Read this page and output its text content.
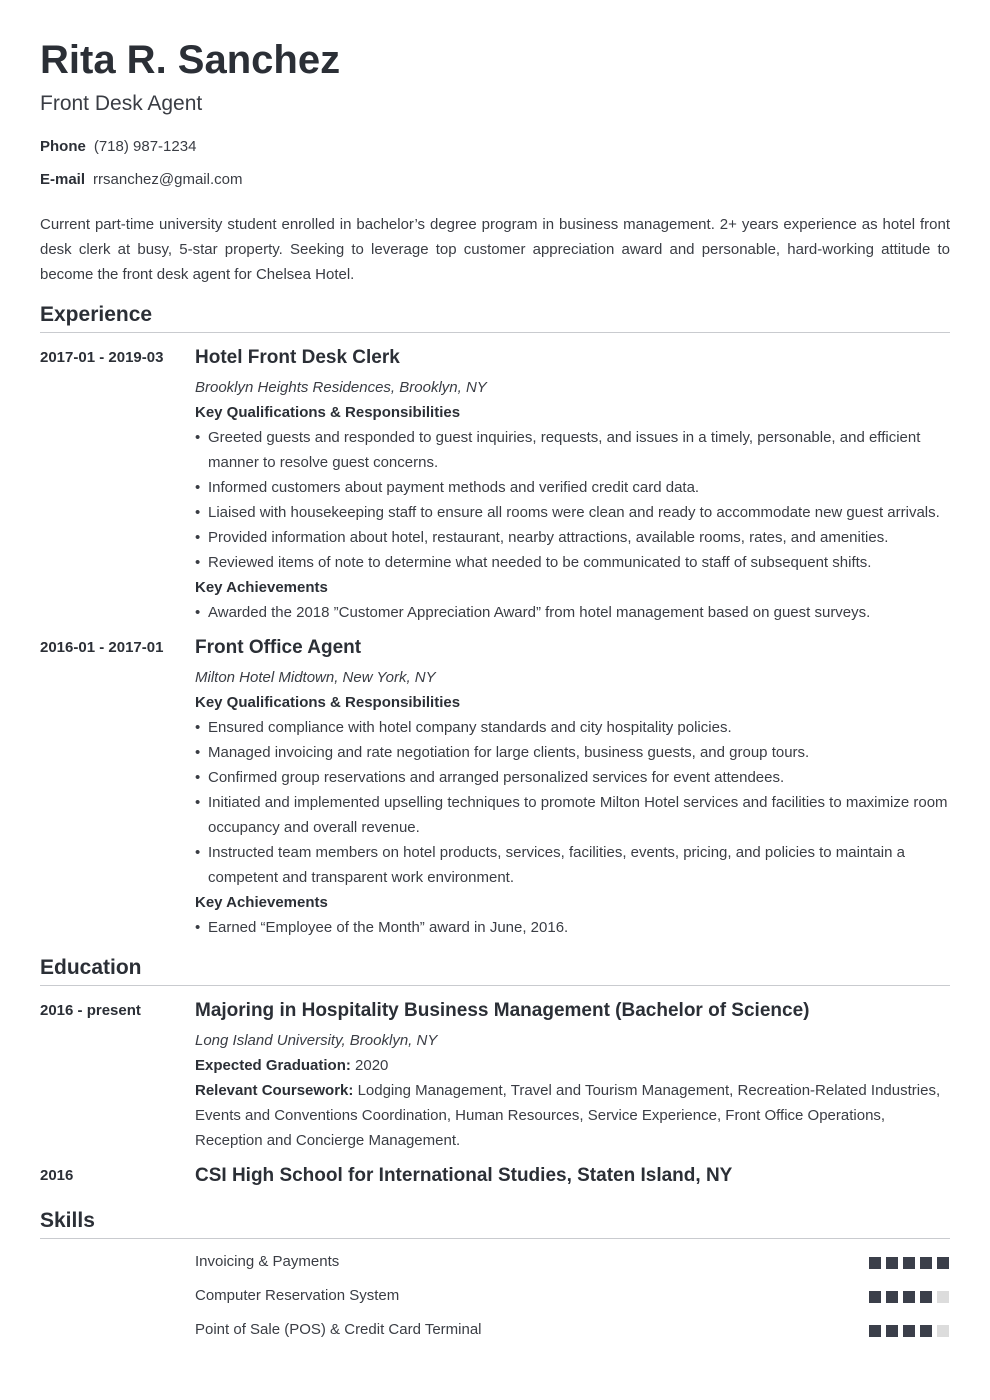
Rita R. Sanchez
Front Desk Agent
Phone (718) 987-1234
E-mail rrsanchez@gmail.com
Current part-time university student enrolled in bachelor’s degree program in business management. 2+ years experience as hotel front desk clerk at busy, 5-star property. Seeking to leverage top customer appreciation award and personable, hard-working attitude to become the front desk agent for Chelsea Hotel.
Experience
2017-01 - 2019-03	Hotel Front Desk Clerk
Brooklyn Heights Residences, Brooklyn, NY
Key Qualifications & Responsibilities
• Greeted guests and responded to guest inquiries, requests, and issues in a timely, personable, and efficient manner to resolve guest concerns.
• Informed customers about payment methods and verified credit card data.
• Liaised with housekeeping staff to ensure all rooms were clean and ready to accommodate new guest arrivals.
• Provided information about hotel, restaurant, nearby attractions, available rooms, rates, and amenities.
• Reviewed items of note to determine what needed to be communicated to staff of subsequent shifts.
Key Achievements
• Awarded the 2018 ”Customer Appreciation Award” from hotel management based on guest surveys.
2016-01 - 2017-01	Front Office Agent
Milton Hotel Midtown, New York, NY
Key Qualifications & Responsibilities
• Ensured compliance with hotel company standards and city hospitality policies.
• Managed invoicing and rate negotiation for large clients, business guests, and group tours.
• Confirmed group reservations and arranged personalized services for event attendees.
• Initiated and implemented upselling techniques to promote Milton Hotel services and facilities to maximize room occupancy and overall revenue.
• Instructed team members on hotel products, services, facilities, events, pricing, and policies to maintain a competent and transparent work environment.
Key Achievements
• Earned “Employee of the Month” award in June, 2016.
Education
2016 - present	Majoring in Hospitality Business Management (Bachelor of Science)
Long Island University, Brooklyn, NY
Expected Graduation: 2020
Relevant Coursework: Lodging Management, Travel and Tourism Management, Recreation-Related Industries, Events and Conventions Coordination, Human Resources, Service Experience, Front Office Operations, Reception and Concierge Management.
2016	CSI High School for International Studies, Staten Island, NY
Skills
Invoicing & Payments
Computer Reservation System
Point of Sale (POS) & Credit Card Terminal
